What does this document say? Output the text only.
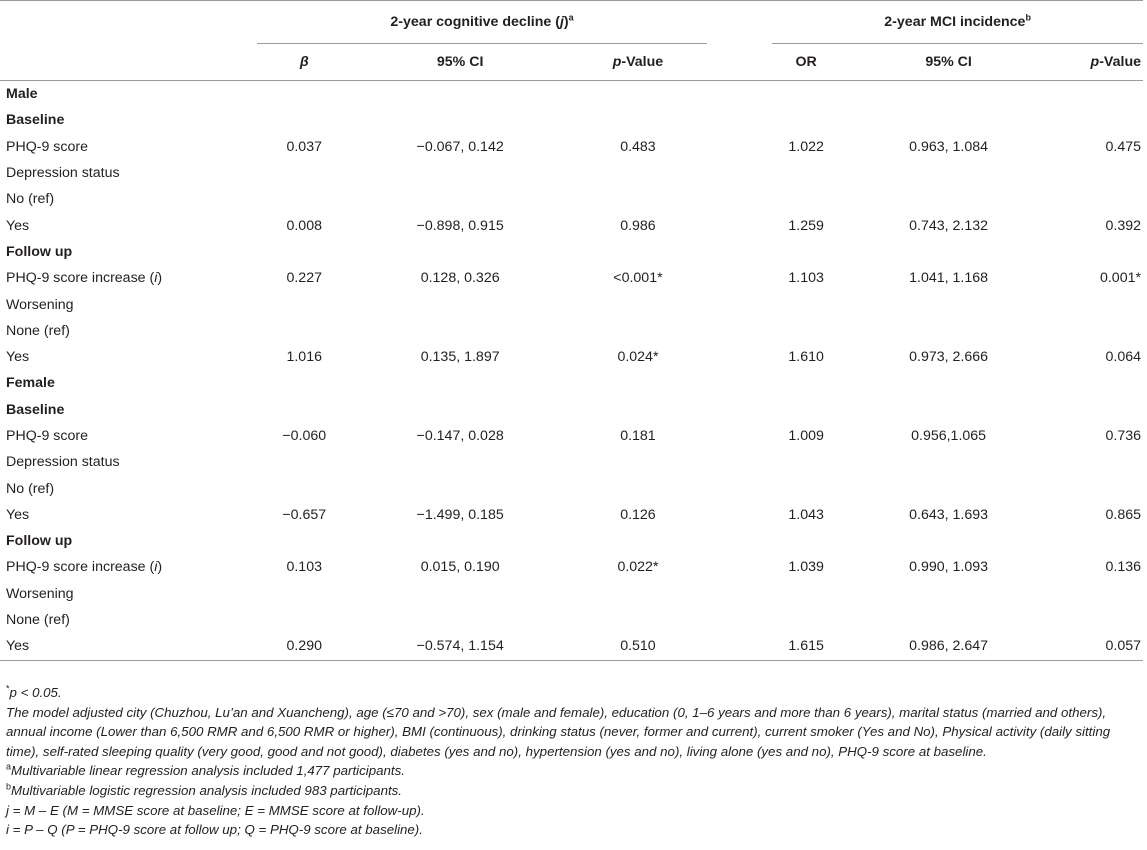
	2-year cognitive decline $(j)^a$				2-year MCI incidence$^b$
	β	95% CI	p-Value		OR	95% CI	p-Value
Male							
Baseline							
PHQ-9 score	0.037	−0.067, 0.142	0.483		1.022	0.963, 1.084	0.475
Depression status							
No (ref)							
Yes	0.008	−0.898, 0.915	0.986		1.259	0.743, 2.132	0.392
Follow up							
PHQ-9 score increase (i)	0.227	0.128, 0.326	<0.001*		1.103	1.041, 1.168	0.001*
Worsening							
None (ref)							
Yes	1.016	0.135, 1.897	0.024*		1.610	0.973, 2.666	0.064
Female							
Baseline							
PHQ-9 score	−0.060	−0.147, 0.028	0.181		1.009	0.956,1.065	0.736
Depression status							
No (ref)							
Yes	−0.657	−1.499, 0.185	0.126		1.043	0.643, 1.693	0.865
Follow up							
PHQ-9 score increase (i)	0.103	0.015, 0.190	0.022*		1.039	0.990, 1.093	0.136
Worsening							
None (ref)							
Yes	0.290	−0.574, 1.154	0.510		1.615	0.986, 2.647	0.057
*p < 0.05.
The model adjusted city (Chuzhou, Lu’an and Xuancheng), age (≤70 and >70), sex (male and female), education (0, 1–6 years and more than 6 years), marital status (married and others), annual income (Lower than 6,500 RMR and 6,500 RMR or higher), BMI (continuous), drinking status (never, former and current), current smoker (Yes and No), Physical activity (daily sitting time), self-rated sleeping quality (very good, good and not good), diabetes (yes and no), hypertension (yes and no), living alone (yes and no), PHQ-9 score at baseline.
$^a$Multivariable linear regression analysis included 1,477 participants.
$^b$Multivariable logistic regression analysis included 983 participants.
j = M – E (M = MMSE score at baseline; E = MMSE score at follow-up).
i = P – Q (P = PHQ-9 score at follow up; Q = PHQ-9 score at baseline).
